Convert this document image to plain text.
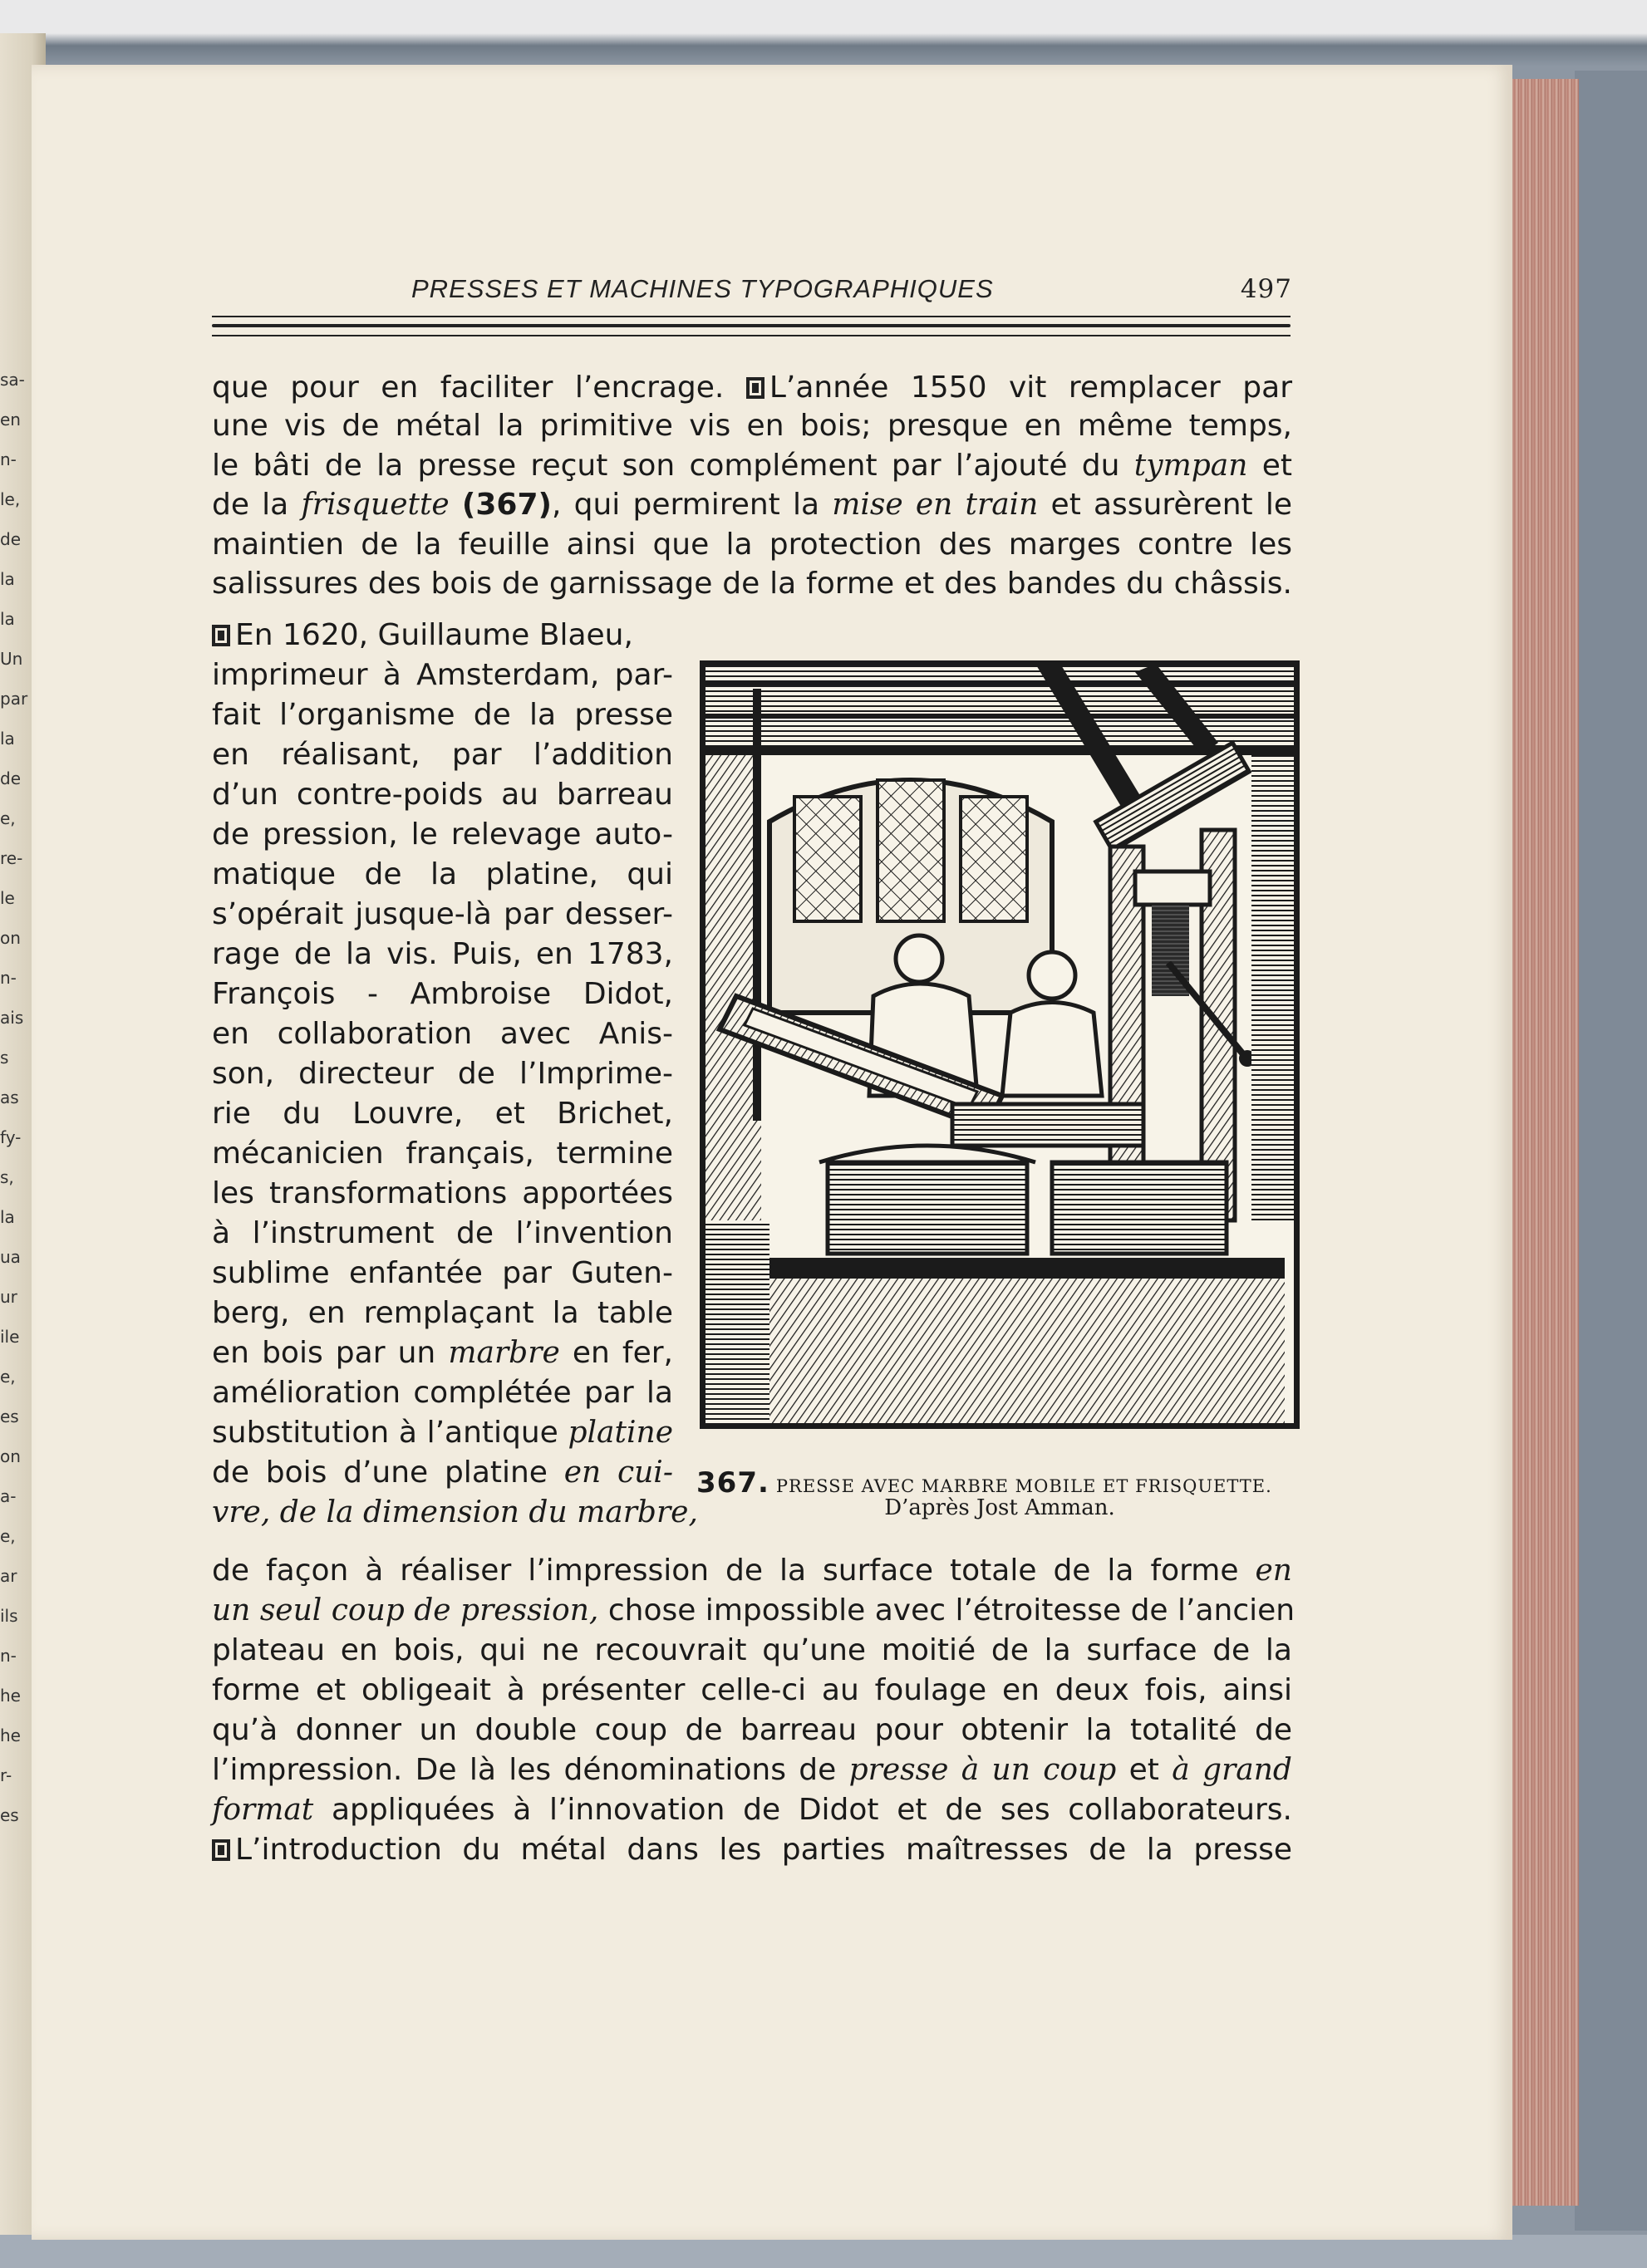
PRESSES ET MACHINES TYPOGRAPHIQUES	497
que pour en faciliter l’encrage. L’année 1550 vit remplacer par
une vis de métal la primitive vis en bois; presque en même temps,
le bâti de la presse reçut son complément par l’ajouté du tympan et
de la frisquette (367), qui permirent la mise en train et assurèrent le
maintien de la feuille ainsi que la protection des marges contre les
salissures des bois de garnissage de la forme et des bandes du châssis.
En 1620, Guillaume Blaeu,
imprimeur à Amsterdam, par-
fait l’organisme de la presse
en réalisant, par l’addition
d’un contre-poids au barreau
de pression, le relevage auto-
matique de la platine, qui
s’opérait jusque-là par desser-
rage de la vis. Puis, en 1783,
François - Ambroise Didot,
en collaboration avec Anis-
son, directeur de l’Imprime-
rie du Louvre, et Brichet,
mécanicien français, termine
les transformations apportées
à l’instrument de l’invention
sublime enfantée par Guten-
berg, en remplaçant la table
en bois par un marbre en fer,
amélioration complétée par la
substitution à l’antique platine
de bois d’une platine en cui-
vre, de la dimension du marbre,
367. PRESSE AVEC MARBRE MOBILE ET FRISQUETTE.
D’après Jost Amman.
de façon à réaliser l’impression de la surface totale de la forme en
un seul coup de pression, chose impossible avec l’étroitesse de l’ancien
plateau en bois, qui ne recouvrait qu’une moitié de la surface de la
forme et obligeait à présenter celle-ci au foulage en deux fois, ainsi
qu’à donner un double coup de barreau pour obtenir la totalité de
l’impression. De là les dénominations de presse à un coup et à grand
format appliquées à l’innovation de Didot et de ses collaborateurs.
L’introduction du métal dans les parties maîtresses de la presse
sa-
en
n-
le,
de
la
la
Un
par
la
de
e,
re-
le
on
n-
ais
s
as
fy-
s,
la
ua
ur
ile
e,
es
on
a-
e,
ar
ils
n-
he
he
r-
es
